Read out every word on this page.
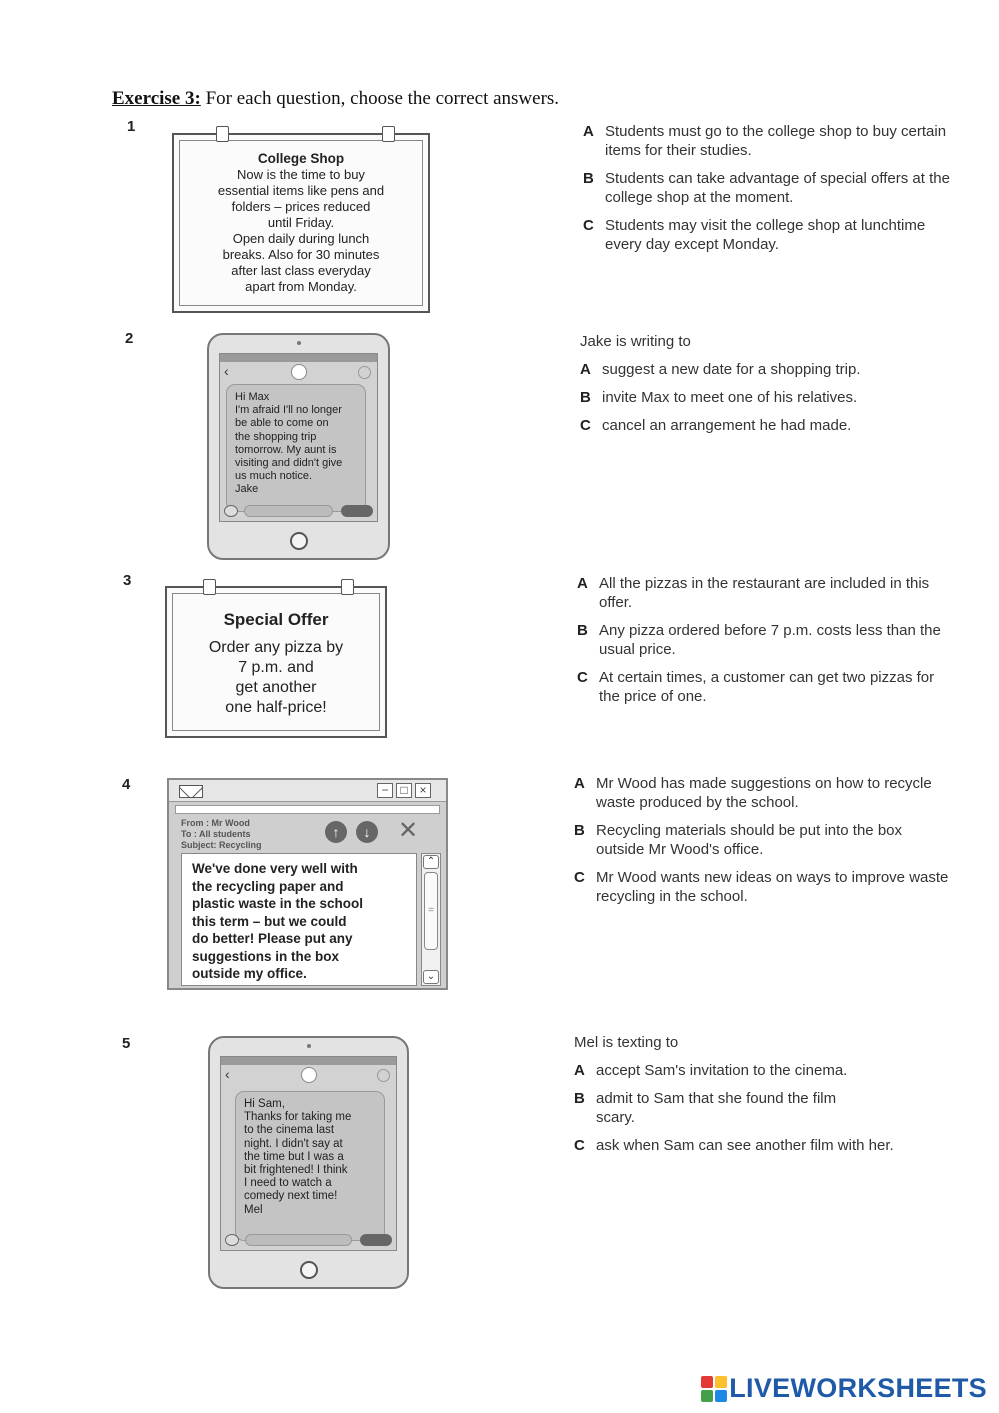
Exercise 3: For each question, choose the correct answers.
1
College Shop
Now is the time to buy
essential items like pens and
folders – prices reduced
until Friday.
Open daily during lunch
breaks. Also for 30 minutes
after last class everyday
apart from Monday.
A Students must go to the college shop to buy certain items for their studies.
B Students can take advantage of special offers at the college shop at the moment.
C Students may visit the college shop at lunchtime every day except Monday.
2
‹
Hi Max
I'm afraid I'll no longer
be able to come on
the shopping trip
tomorrow. My aunt is
visiting and didn't give
us much notice.
Jake
Jake is writing to
A suggest a new date for a shopping trip.
B invite Max to meet one of his relatives.
C cancel an arrangement he had made.
3
Special Offer
Order any pizza by
7 p.m. and
get another
one half-price!
A All the pizzas in the restaurant are included in this offer.
B Any pizza ordered before 7 p.m. costs less than the usual price.
C At certain times, a customer can get two pizzas for the price of one.
4	− □ ×
From : Mr Wood
To : All students
Subject: Recycling
↑	↓	✕
We've done very well with
the recycling paper and
plastic waste in the school
this term – but we could
do better! Please put any
suggestions in the box
outside my office.
⌃
=
⌄
A Mr Wood has made suggestions on how to recycle waste produced by the school.
B Recycling materials should be put into the box outside Mr Wood's office.
C Mr Wood wants new ideas on ways to improve waste recycling in the school.
5
‹
Hi Sam,
Thanks for taking me
to the cinema last
night. I didn't say at
the time but I was a
bit frightened! I think
I need to watch a
comedy next time!
Mel
Mel is texting to
A accept Sam's invitation to the cinema.
B admit to Sam that she found the film scary.
C ask when Sam can see another film with her.
LIVEWORKSHEETS
